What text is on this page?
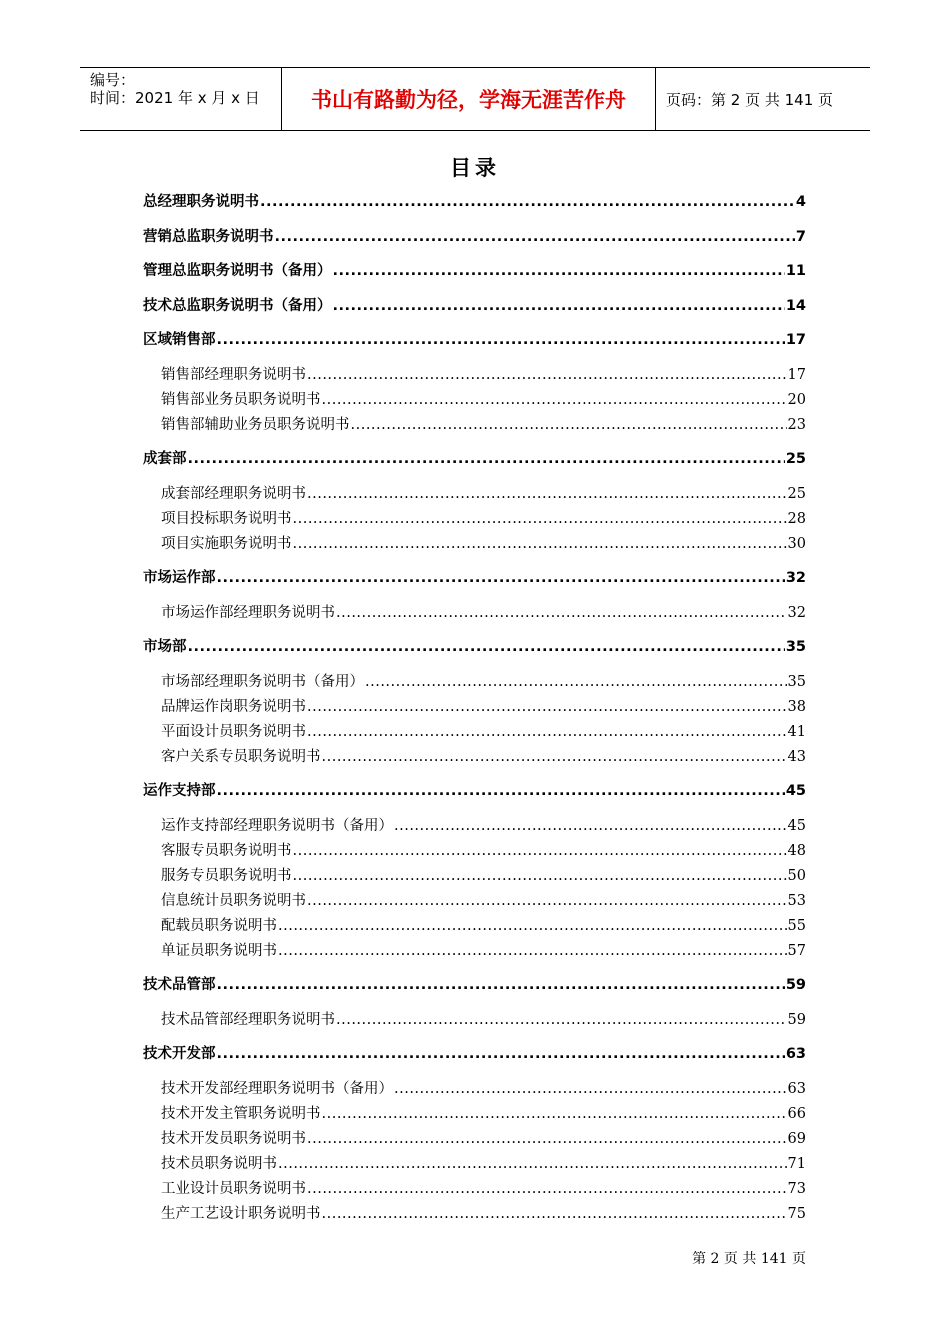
编号：
时间：2021 年 x 月 x 日	书山有路勤为径，学海无涯苦作舟	页码：第 2 页 共 141 页
目录
总经理职务说明书 .....	4
营销总监职务说明书 .....	7
管理总监职务说明书（备用） .....	11
技术总监职务说明书（备用） .....	14
区域销售部 .....	17
销售部经理职务说明书 .....	17
销售部业务员职务说明书 .....	20
销售部辅助业务员职务说明书 .....	23
成套部 .....	25
成套部经理职务说明书 .....	25
项目投标职务说明书 .....	28
项目实施职务说明书 .....	30
市场运作部 .....	32
市场运作部经理职务说明书 .....	32
市场部 .....	35
市场部经理职务说明书（备用） .....	35
品牌运作岗职务说明书 .....	38
平面设计员职务说明书 .....	41
客户关系专员职务说明书 .....	43
运作支持部 .....	45
运作支持部经理职务说明书（备用） .....	45
客服专员职务说明书 .....	48
服务专员职务说明书 .....	50
信息统计员职务说明书 .....	53
配载员职务说明书 .....	55
单证员职务说明书 .....	57
技术品管部 .....	59
技术品管部经理职务说明书 .....	59
技术开发部 .....	63
技术开发部经理职务说明书（备用） .....	63
技术开发主管职务说明书 .....	66
技术开发员职务说明书 .....	69
技术员职务说明书 .....	71
工业设计员职务说明书 .....	73
生产工艺设计职务说明书 .....	75
第 2 页 共 141 页
